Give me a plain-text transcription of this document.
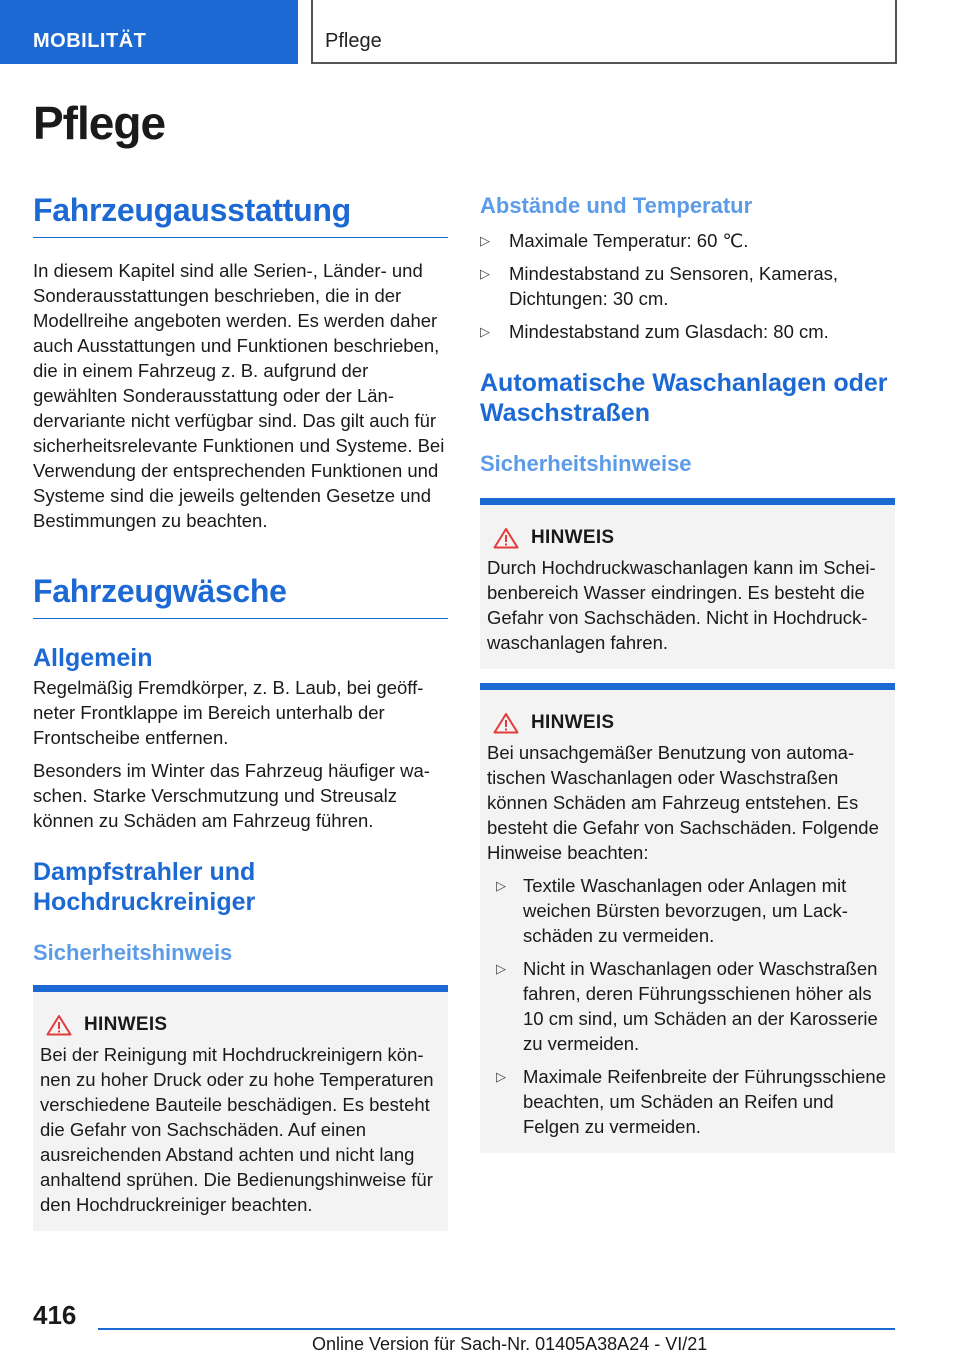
MOBILITÄT	Pflege
Pflege
Fahrzeugausstattung

In diesem Kapitel sind alle Serien-, Länder- und Sonderausstattungen beschrieben, die in der Modellreihe angeboten werden. Es werden daher auch Ausstattungen und Funktionen beschrieben, die in einem Fahrzeug z. B. aufgrund der gewählten Sonderausstattung oder der Ländervariante nicht verfügbar sind. Das gilt auch für sicherheitsrelevante Funktionen und Systeme. Bei Verwendung der entsprechenden Funktionen und Systeme sind die jeweils geltenden Gesetze und Bestimmungen zu beachten.

Fahrzeugwäsche
Allgemein

Regelmäßig Fremdkörper, z. B. Laub, bei geöffneter Frontklappe im Bereich unterhalb der Frontscheibe entfernen.

Besonders im Winter das Fahrzeug häufiger waschen. Starke Verschmutzung und Streusalz können zu Schäden am Fahrzeug führen.

Dampfstrahler und Hochdruckreiniger
Sicherheitshinweis
HINWEIS

Bei der Reinigung mit Hochdruckreinigern können zu hoher Druck oder zu hohe Temperaturen verschiedene Bauteile beschädigen. Es besteht die Gefahr von Sachschäden. Auf einen ausreichenden Abstand achten und nicht lang anhaltend sprühen. Die Bedienungshinweise für den Hochdruckreiniger beachten.

Abstände und Temperatur
▷ Maximale Temperatur: 60 ℃.
▷ Mindestabstand zu Sensoren, Kameras, Dichtungen: 30 cm.
▷ Mindestabstand zum Glasdach: 80 cm.
Automatische Waschanlagen oder Waschstraßen
Sicherheitshinweise
HINWEIS

Durch Hochdruckwaschanlagen kann im Scheibenbereich Wasser eindringen. Es besteht die Gefahr von Sachschäden. Nicht in Hochdruckwaschanlagen fahren.

HINWEIS

Bei unsachgemäßer Benutzung von automatischen Waschanlagen oder Waschstraßen können Schäden am Fahrzeug entstehen. Es besteht die Gefahr von Sachschäden. Folgende Hinweise beachten:

▷ Textile Waschanlagen oder Anlagen mit weichen Bürsten bevorzugen, um Lackschäden zu vermeiden.
▷ Nicht in Waschanlagen oder Waschstraßen fahren, deren Führungsschienen höher als 10 cm sind, um Schäden an der Karosserie zu vermeiden.
▷ Maximale Reifenbreite der Führungsschiene beachten, um Schäden an Reifen und Felgen zu vermeiden.
416
Online Version für Sach-Nr. 01405A38A24 - VI/21
